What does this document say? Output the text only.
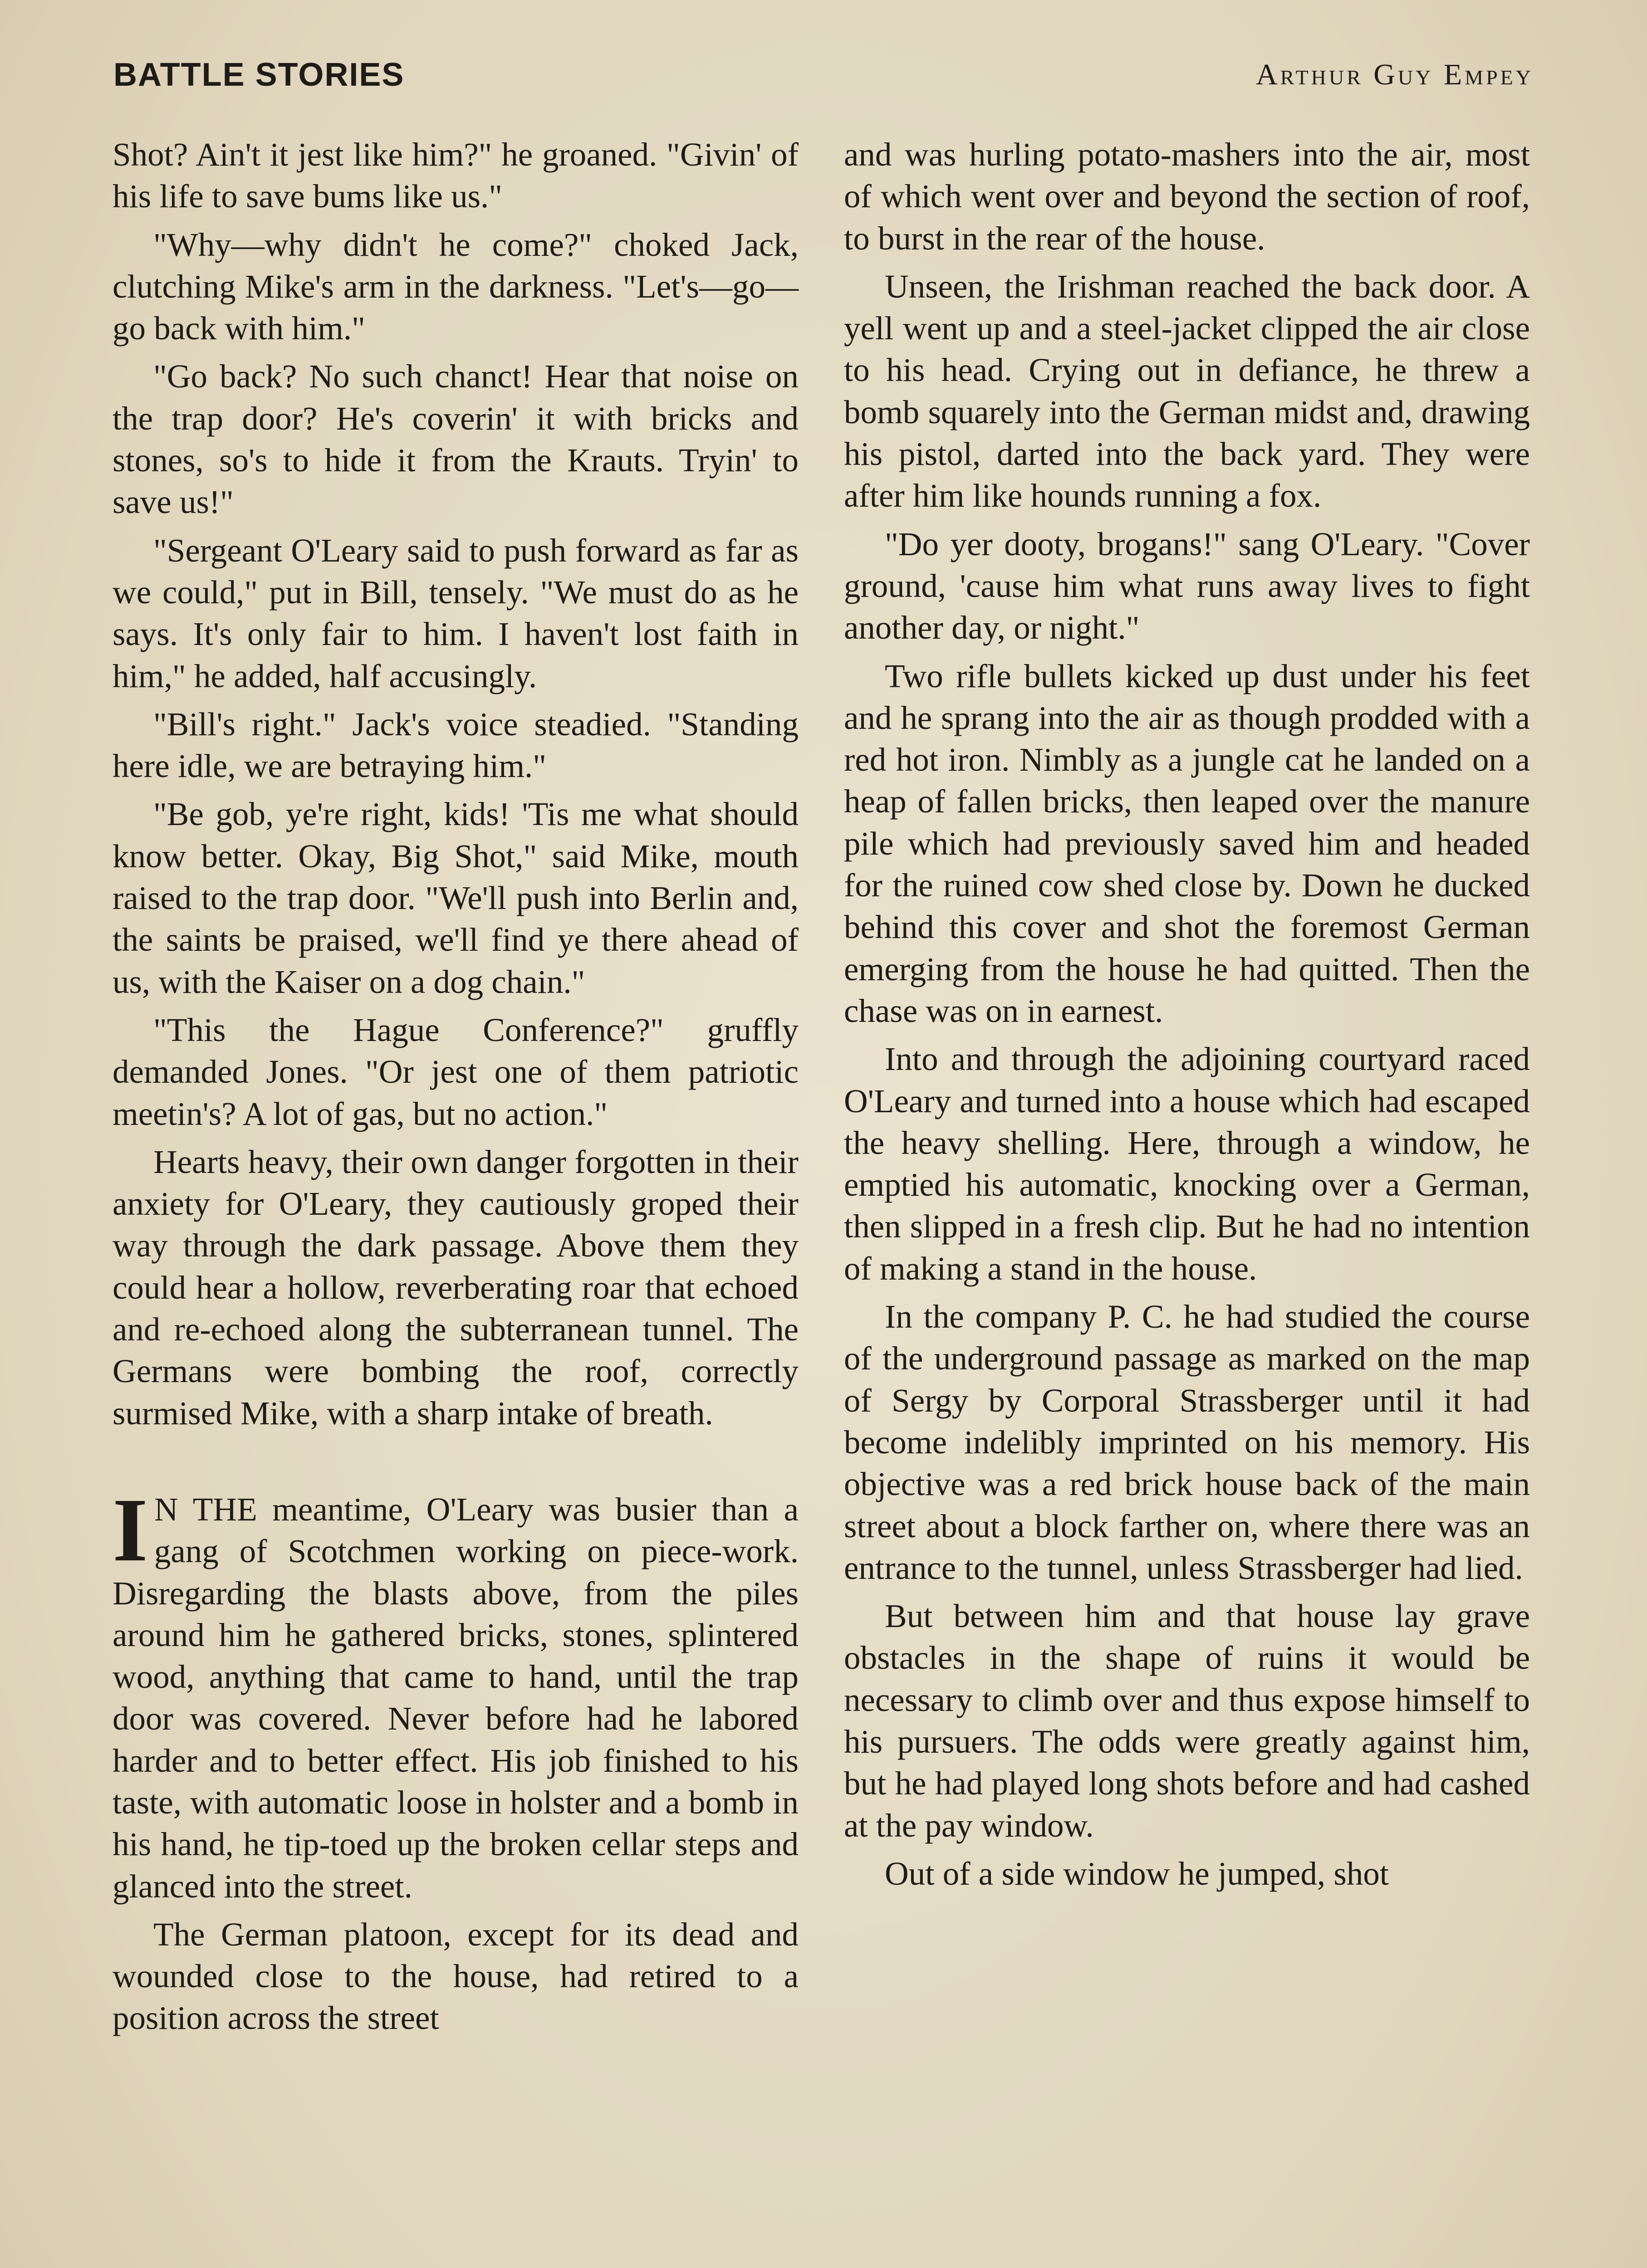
BATTLE STORIES	Arthur Guy Empey

Shot? Ain't it jest like him?" he groaned. "Givin' of his life to save bums like us."

"Why—why didn't he come?" choked Jack, clutching Mike's arm in the darkness. "Let's—go—go back with him."

"Go back? No such chanct! Hear that noise on the trap door? He's coverin' it with bricks and stones, so's to hide it from the Krauts. Tryin' to save us!"

"Sergeant O'Leary said to push forward as far as we could," put in Bill, tensely. "We must do as he says. It's only fair to him. I haven't lost faith in him," he added, half accusingly.

"Bill's right." Jack's voice steadied. "Standing here idle, we are betraying him."

"Be gob, ye're right, kids! 'Tis me what should know better. Okay, Big Shot," said Mike, mouth raised to the trap door. "We'll push into Berlin and, the saints be praised, we'll find ye there ahead of us, with the Kaiser on a dog chain."

"This the Hague Conference?" gruffly demanded Jones. "Or jest one of them patriotic meetin's? A lot of gas, but no action."

Hearts heavy, their own danger forgotten in their anxiety for O'Leary, they cautiously groped their way through the dark passage. Above them they could hear a hollow, reverberating roar that echoed and re-echoed along the subterranean tunnel. The Germans were bombing the roof, correctly surmised Mike, with a sharp intake of breath.

I N THE meantime, O'Leary was busier than a gang of Scotchmen working on piece-work. Disregarding the blasts above, from the piles around him he gathered bricks, stones, splintered wood, anything that came to hand, until the trap door was covered. Never before had he labored harder and to better effect. His job finished to his taste, with automatic loose in holster and a bomb in his hand, he tip-toed up the broken cellar steps and glanced into the street.

The German platoon, except for its dead and wounded close to the house, had retired to a position across the street

and was hurling potato-mashers into the air, most of which went over and beyond the section of roof, to burst in the rear of the house.

Unseen, the Irishman reached the back door. A yell went up and a steel-jacket clipped the air close to his head. Crying out in defiance, he threw a bomb squarely into the German midst and, drawing his pistol, darted into the back yard. They were after him like hounds running a fox.

"Do yer dooty, brogans!" sang O'Leary. "Cover ground, 'cause him what runs away lives to fight another day, or night."

Two rifle bullets kicked up dust under his feet and he sprang into the air as though prodded with a red hot iron. Nimbly as a jungle cat he landed on a heap of fallen bricks, then leaped over the manure pile which had previously saved him and headed for the ruined cow shed close by. Down he ducked behind this cover and shot the foremost German emerging from the house he had quitted. Then the chase was on in earnest.

Into and through the adjoining courtyard raced O'Leary and turned into a house which had escaped the heavy shelling. Here, through a window, he emptied his automatic, knocking over a German, then slipped in a fresh clip. But he had no intention of making a stand in the house.

In the company P. C. he had studied the course of the underground passage as marked on the map of Sergy by Corporal Strassberger until it had become indelibly imprinted on his memory. His objective was a red brick house back of the main street about a block farther on, where there was an entrance to the tunnel, unless Strassberger had lied.

But between him and that house lay grave obstacles in the shape of ruins it would be necessary to climb over and thus expose himself to his pursuers. The odds were greatly against him, but he had played long shots before and had cashed at the pay window.

Out of a side window he jumped, shot
